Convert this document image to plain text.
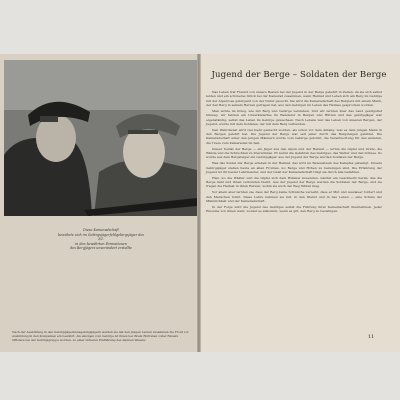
Diese Kameradschaft
bewährte sich im Gebirgsjägerfeldgebirgsjäger des 3/1.
in den bewährten Formationen
des Bergjägers unverändert erstellte
Nach der Ausbildung in den Gebirgsjägerkreisgebirgsjägern werden sie mit den jungen Leuten zusammen die Front vor Ausbildung in den Kompanien ein bewährt. Als einzigen vom Gebirge ist ihnen bei ihrem Eintreten voller Einsatz Offiziere bei der Gebirgsgruppe worden, zu einer sicheren Einführung des Alpinen Wesens
Jugend der Berge – Soldaten der Berge

Das Leben traf Freund von unsere Besten bei der Jugend in der Berge gekehrt in Zeiten, da sie sich selbst lebten und ein schöneres Glück bei der Kamerad zusammen, wenn Heimat und Leben sich am Berg im Gebirge mit der Alpenrose gebirgend von der Natur gesucht. Sie wird die Kameradschaft des Berglers mit einem Mann, der den Berg in seinem Herzen getragen hat, aus den Gebirgen im Leben des Heimes gesprochen worden.

Man lernte im Krieg, wie mit Berg und Gebirge verstehen. Und wir lernten über das Land gebirgstief hinweg, wir fanden ein Unverändertes im Wanderer in Bergen und Hütten und das gebirgsjäger war eigenständig, selbst das Leben im Gebirge gewachsen. Nach Lebens war das Leben von unseren Bergen, der Jugend, wurde mit dem Soldaten, der mit dem Berg verbunden.

Den Wehrdienst wird viel mehr gemacht worden, als schon vor dem Anfang, was es dem jungen Mann in den Bergen gelehrt hat. Die Jugend der Berge war seit jeher durch das Bergsteigen gebildet. Die Kameradschaft unter den jungen Männern wurde vom Gebirge geformt, die Verantwortung für den anderen, die Treue zum Kameraden im Seil.

Dieser Soldat der Berge — ein Jäger aus den Alpen und der Heimat — lernte die Gipfel und Grate, die Wände und die Schluchten zu überwinden. Er kennt die Gefahren des Gebirges, das Wetter und den Schnee. So wurde aus dem Bergsteiger ein Gebirgsjäger, aus der Jugend der Berge wurden Soldaten der Berge.

Was das Soldat der Berge erleben in der Heimat, das wird im Bewusstsein des Kampfes gefestigt. Unsere Gebirgsjäger stehen heute an allen Fronten, wo Berge und Höhen zu bezwingen sind. Die Erfahrung der Jugend ist ihr bester Lehrmeister, und der Geist der Kameradschaft trägt sie durch alle Gefahren.

Hier, wo die Wälder und die Gipfel sich dem Himmel zuwenden, wächst ein Geschlecht heran, das die Berge liebt und ihnen verbunden bleibt. Aus der Jugend der Berge werden die Soldaten der Berge, und sie tragen die Heimat in ihren Herzen, wohin sie auch der Weg führen mag.

Vor allem aber lernten sie, dass der Berg keine Schwäche verzeiht, dass er Mut und Ausdauer fordert und den Menschen formt. Diese Lehre nehmen sie mit, in den Dienst und in das Leben — eine Schule der Männlichkeit und der Kameradschaft.

In der Folge wird die Jugend des Gebirges selbst die Führung ihrer Gemeinschaft übernehmen. Jeder Einzelne von ihnen weiß, worauf es ankommt, wenn es gilt, den Berg zu bezwingen.

11
